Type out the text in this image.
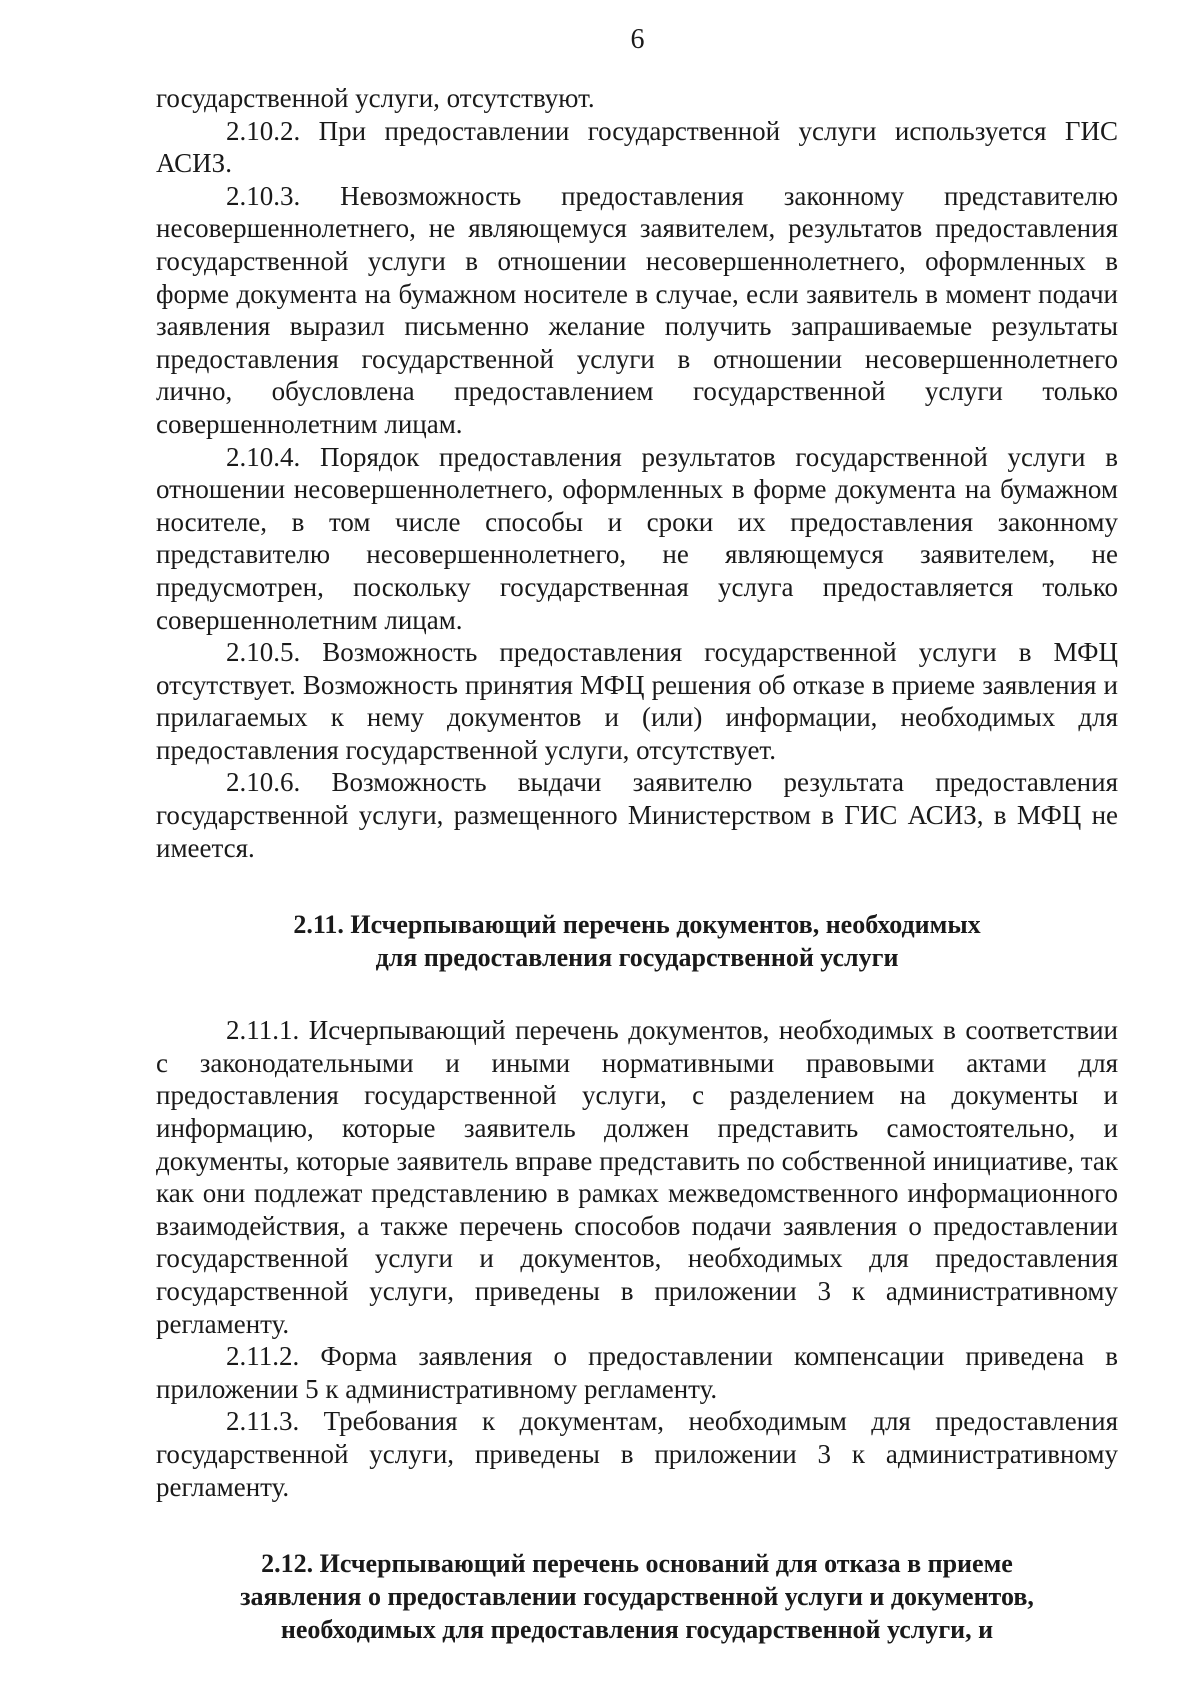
6

государственной услуги, отсутствуют.

2.10.2. При предоставлении государственной услуги используется ГИС АСИЗ.

2.10.3. Невозможность предоставления законному представителю несовершеннолетнего, не являющемуся заявителем, результатов предоставления государственной услуги в отношении несовершеннолетнего, оформленных в форме документа на бумажном носителе в случае, если заявитель в момент подачи заявления выразил письменно желание получить запрашиваемые результаты предоставления государственной услуги в отношении несовершеннолетнего лично, обусловлена предоставлением государственной услуги только совершеннолетним лицам.

2.10.4. Порядок предоставления результатов государственной услуги в отношении несовершеннолетнего, оформленных в форме документа на бумажном носителе, в том числе способы и сроки их предоставления законному представителю несовершеннолетнего, не являющемуся заявителем, не предусмотрен, поскольку государственная услуга предоставляется только совершеннолетним лицам.

2.10.5. Возможность предоставления государственной услуги в МФЦ отсутствует. Возможность принятия МФЦ решения об отказе в приеме заявления и прилагаемых к нему документов и (или) информации, необходимых для предоставления государственной услуги, отсутствует.

2.10.6. Возможность выдачи заявителю результата предоставления государственной услуги, размещенного Министерством в ГИС АСИЗ, в МФЦ не имеется.

2.11. Исчерпывающий перечень документов, необходимых
для предоставления государственной услуги

2.11.1. Исчерпывающий перечень документов, необходимых в соответствии с законодательными и иными нормативными правовыми актами для предоставления государственной услуги, с разделением на документы и информацию, которые заявитель должен представить самостоятельно, и документы, которые заявитель вправе представить по собственной инициативе, так как они подлежат представлению в рамках межведомственного информационного взаимодействия, а также перечень способов подачи заявления о предоставлении государственной услуги и документов, необходимых для предоставления государственной услуги, приведены в приложении 3 к административному регламенту.

2.11.2. Форма заявления о предоставлении компенсации приведена в приложении 5 к административному регламенту.

2.11.3. Требования к документам, необходимым для предоставления государственной услуги, приведены в приложении 3 к административному регламенту.

2.12. Исчерпывающий перечень оснований для отказа в приеме
заявления о предоставлении государственной услуги и документов,
необходимых для предоставления государственной услуги, и
